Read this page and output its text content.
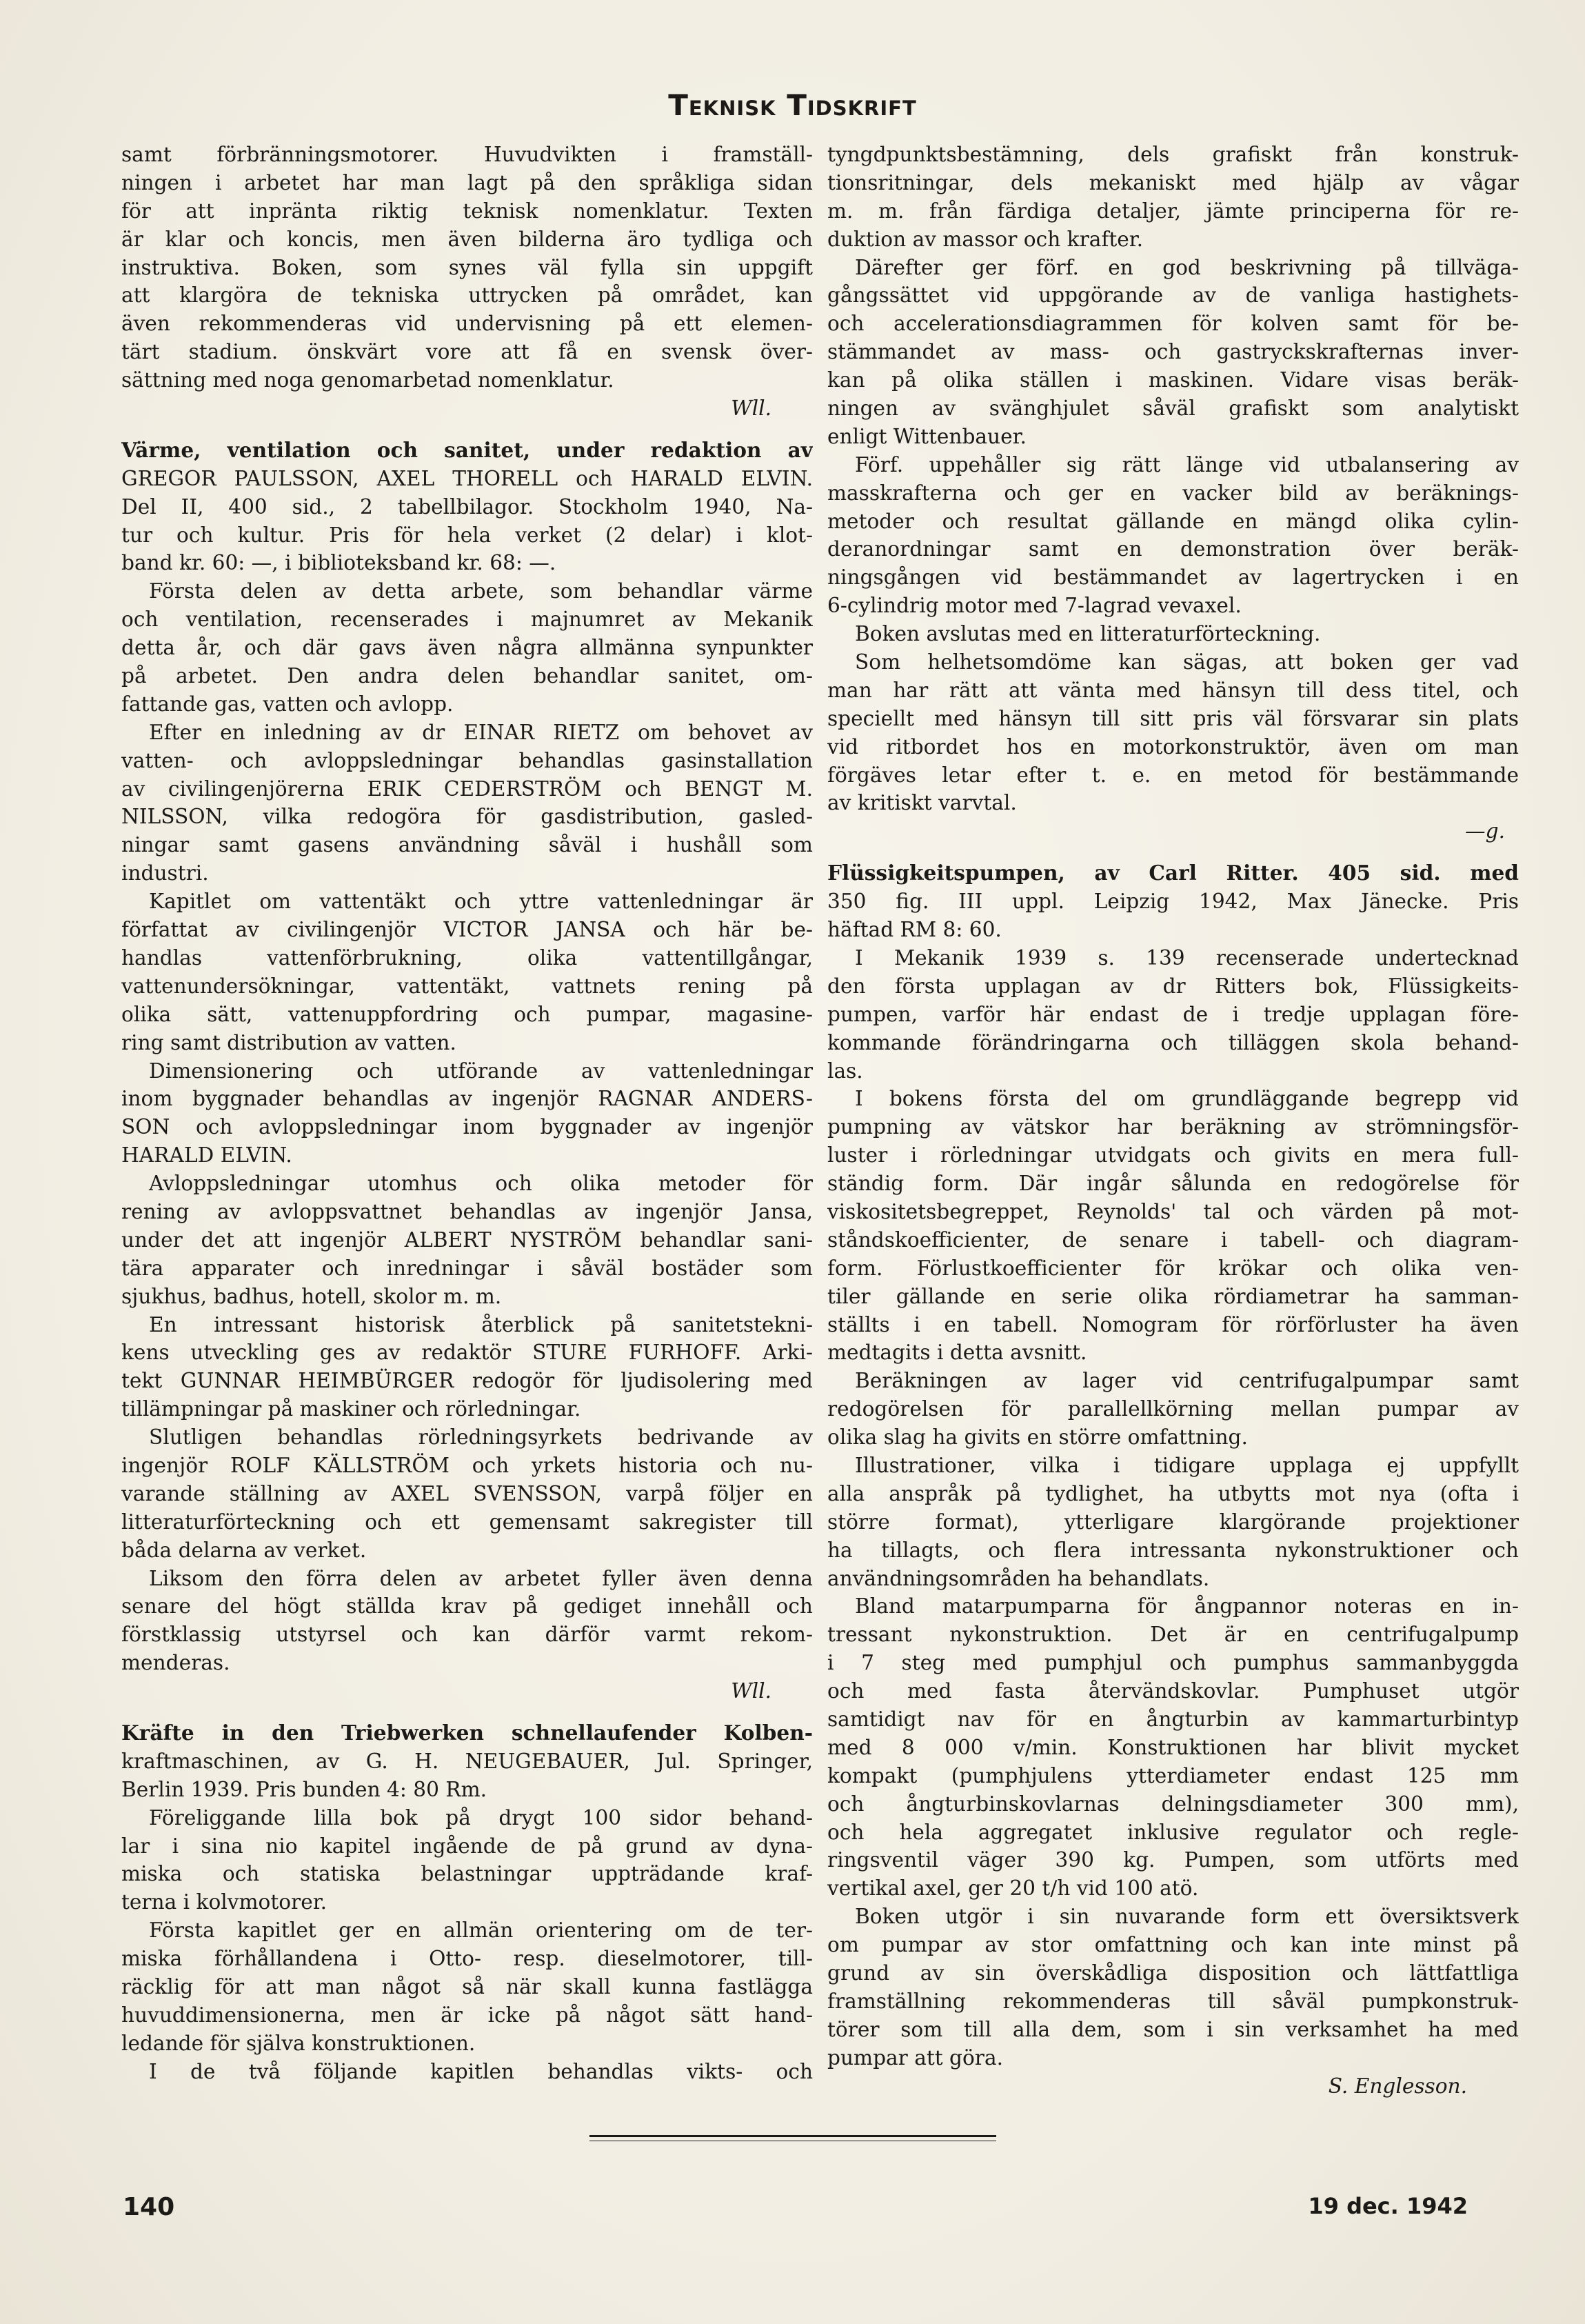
Teknisk Tidskrift
samt förbränningsmotorer. Huvudvikten i framställ-
ningen i arbetet har man lagt på den språkliga sidan
för att inpränta riktig teknisk nomenklatur. Texten
är klar och koncis, men även bilderna äro tydliga och
instruktiva. Boken, som synes väl fylla sin uppgift
att klargöra de tekniska uttrycken på området, kan
även rekommenderas vid undervisning på ett elemen-
tärt stadium. önskvärt vore att få en svensk över-
sättning med noga genomarbetad nomenklatur.
Wll.
Värme, ventilation och sanitet, under redaktion av
GREGOR PAULSSON, AXEL THORELL och HARALD ELVIN.
Del II, 400 sid., 2 tabellbilagor. Stockholm 1940, Na-
tur och kultur. Pris för hela verket (2 delar) i klot-
band kr. 60: —, i biblioteksband kr. 68: —.
Första delen av detta arbete, som behandlar värme
och ventilation, recenserades i majnumret av Mekanik
detta år, och där gavs även några allmänna synpunkter
på arbetet. Den andra delen behandlar sanitet, om-
fattande gas, vatten och avlopp.
Efter en inledning av dr EINAR RIETZ om behovet av
vatten- och avloppsledningar behandlas gasinstallation
av civilingenjörerna ERIK CEDERSTRÖM och BENGT M.
NILSSON, vilka redogöra för gasdistribution, gasled-
ningar samt gasens användning såväl i hushåll som
industri.
Kapitlet om vattentäkt och yttre vattenledningar är
författat av civilingenjör VICTOR JANSA och här be-
handlas vattenförbrukning, olika vattentillgångar,
vattenundersökningar, vattentäkt, vattnets rening på
olika sätt, vattenuppfordring och pumpar, magasine-
ring samt distribution av vatten.
Dimensionering och utförande av vattenledningar
inom byggnader behandlas av ingenjör RAGNAR ANDERS-
SON och avloppsledningar inom byggnader av ingenjör
HARALD ELVIN.
Avloppsledningar utomhus och olika metoder för
rening av avloppsvattnet behandlas av ingenjör Jansa,
under det att ingenjör ALBERT NYSTRÖM behandlar sani-
tära apparater och inredningar i såväl bostäder som
sjukhus, badhus, hotell, skolor m. m.
En intressant historisk återblick på sanitetstekni-
kens utveckling ges av redaktör STURE FURHOFF. Arki-
tekt GUNNAR HEIMBÜRGER redogör för ljudisolering med
tillämpningar på maskiner och rörledningar.
Slutligen behandlas rörledningsyrkets bedrivande av
ingenjör ROLF KÄLLSTRÖM och yrkets historia och nu-
varande ställning av AXEL SVENSSON, varpå följer en
litteraturförteckning och ett gemensamt sakregister till
båda delarna av verket.
Liksom den förra delen av arbetet fyller även denna
senare del högt ställda krav på gediget innehåll och
förstklassig utstyrsel och kan därför varmt rekom-
menderas.
Wll.
Kräfte in den Triebwerken schnellaufender Kolben-
kraftmaschinen, av G. H. NEUGEBAUER, Jul. Springer,
Berlin 1939. Pris bunden 4: 80 Rm.
Föreliggande lilla bok på drygt 100 sidor behand-
lar i sina nio kapitel ingående de på grund av dyna-
miska och statiska belastningar uppträdande kraf-
terna i kolvmotorer.
Första kapitlet ger en allmän orientering om de ter-
miska förhållandena i Otto- resp. dieselmotorer, till-
räcklig för att man något så när skall kunna fastlägga
huvuddimensionerna, men är icke på något sätt hand-
ledande för själva konstruktionen.
I de två följande kapitlen behandlas vikts- och
tyngdpunktsbestämning, dels grafiskt från konstruk-
tionsritningar, dels mekaniskt med hjälp av vågar
m. m. från färdiga detaljer, jämte principerna för re-
duktion av massor och krafter.
Därefter ger förf. en god beskrivning på tillväga-
gångssättet vid uppgörande av de vanliga hastighets-
och accelerationsdiagrammen för kolven samt för be-
stämmandet av mass- och gastryckskrafternas inver-
kan på olika ställen i maskinen. Vidare visas beräk-
ningen av svänghjulet såväl grafiskt som analytiskt
enligt Wittenbauer.
Förf. uppehåller sig rätt länge vid utbalansering av
masskrafterna och ger en vacker bild av beräknings-
metoder och resultat gällande en mängd olika cylin-
deranordningar samt en demonstration över beräk-
ningsgången vid bestämmandet av lagertrycken i en
6-cylindrig motor med 7-lagrad vevaxel.
Boken avslutas med en litteraturförteckning.
Som helhetsomdöme kan sägas, att boken ger vad
man har rätt att vänta med hänsyn till dess titel, och
speciellt med hänsyn till sitt pris väl försvarar sin plats
vid ritbordet hos en motorkonstruktör, även om man
förgäves letar efter t. e. en metod för bestämmande
av kritiskt varvtal.
—g.
Flüssigkeitspumpen, av Carl Ritter. 405 sid. med
350 fig. III uppl. Leipzig 1942, Max Jänecke. Pris
häftad RM 8: 60.
I Mekanik 1939 s. 139 recenserade undertecknad
den första upplagan av dr Ritters bok, Flüssigkeits-
pumpen, varför här endast de i tredje upplagan före-
kommande förändringarna och tilläggen skola behand-
las.
I bokens första del om grundläggande begrepp vid
pumpning av vätskor har beräkning av strömningsför-
luster i rörledningar utvidgats och givits en mera full-
ständig form. Där ingår sålunda en redogörelse för
viskositetsbegreppet, Reynolds' tal och värden på mot-
ståndskoefficienter, de senare i tabell- och diagram-
form. Förlustkoefficienter för krökar och olika ven-
tiler gällande en serie olika rördiametrar ha samman-
ställts i en tabell. Nomogram för rörförluster ha även
medtagits i detta avsnitt.
Beräkningen av lager vid centrifugalpumpar samt
redogörelsen för parallellkörning mellan pumpar av
olika slag ha givits en större omfattning.
Illustrationer, vilka i tidigare upplaga ej uppfyllt
alla anspråk på tydlighet, ha utbytts mot nya (ofta i
större format), ytterligare klargörande projektioner
ha tillagts, och flera intressanta nykonstruktioner och
användningsområden ha behandlats.
Bland matarpumparna för ångpannor noteras en in-
tressant nykonstruktion. Det är en centrifugalpump
i 7 steg med pumphjul och pumphus sammanbyggda
och med fasta återvändskovlar. Pumphuset utgör
samtidigt nav för en ångturbin av kammarturbintyp
med 8 000 v/min. Konstruktionen har blivit mycket
kompakt (pumphjulens ytterdiameter endast 125 mm
och ångturbinskovlarnas delningsdiameter 300 mm),
och hela aggregatet inklusive regulator och regle-
ringsventil väger 390 kg. Pumpen, som utförts med
vertikal axel, ger 20 t/h vid 100 atö.
Boken utgör i sin nuvarande form ett översiktsverk
om pumpar av stor omfattning och kan inte minst på
grund av sin överskådliga disposition och lättfattliga
framställning rekommenderas till såväl pumpkonstruk-
törer som till alla dem, som i sin verksamhet ha med
pumpar att göra.
S. Englesson.
140	19 dec. 1942
